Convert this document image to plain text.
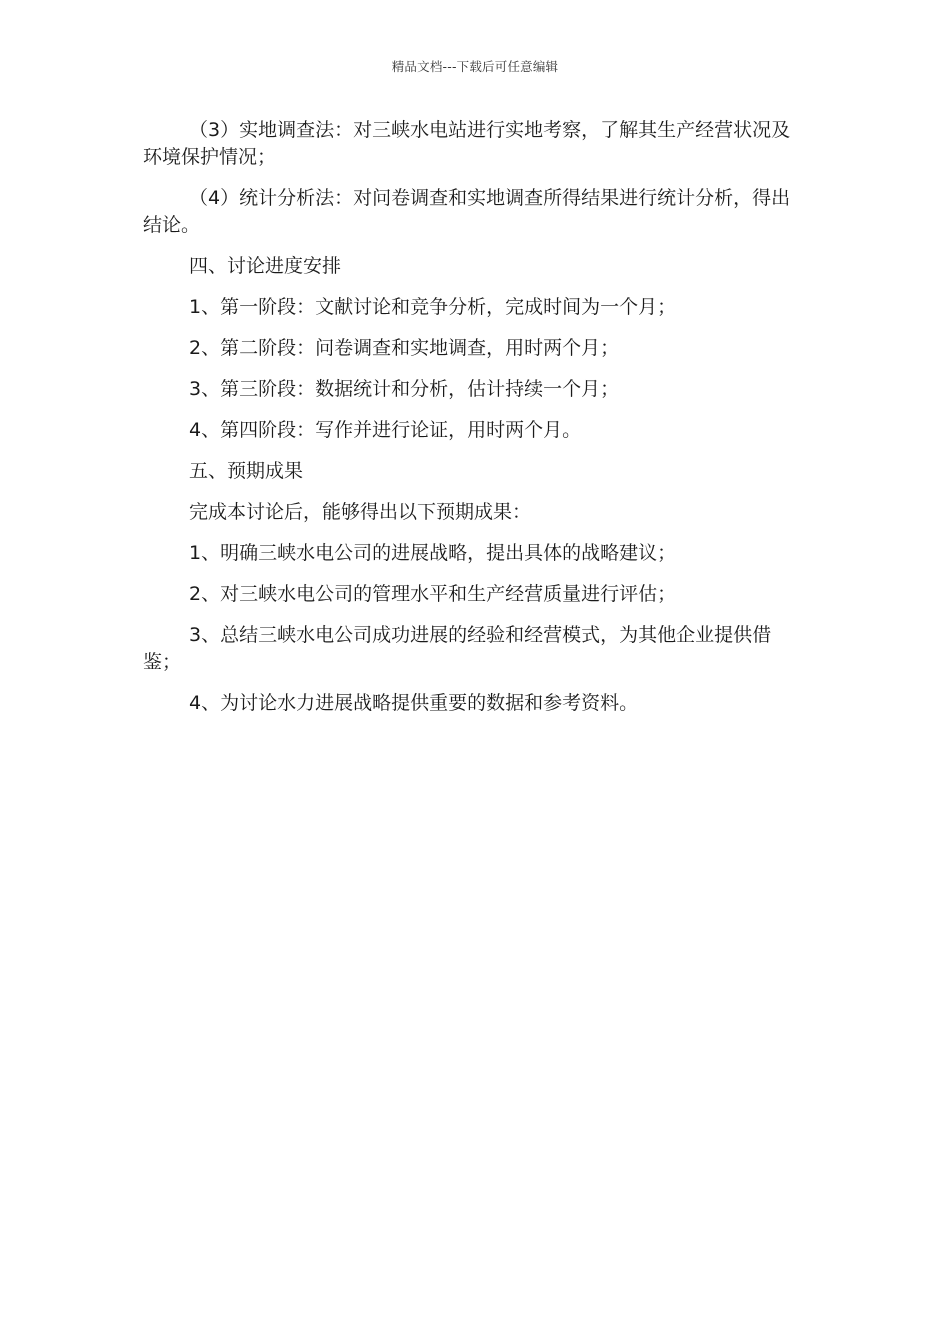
精品文档---下载后可任意编辑

（3）实地调查法：对三峡水电站进行实地考察，了解其生产经营状况及环境保护情况；

（4）统计分析法：对问卷调查和实地调查所得结果进行统计分析，得出结论。

四、讨论进度安排

1、第一阶段：文献讨论和竞争分析，完成时间为一个月；

2、第二阶段：问卷调查和实地调查，用时两个月；

3、第三阶段：数据统计和分析，估计持续一个月；

4、第四阶段：写作并进行论证，用时两个月。

五、预期成果

完成本讨论后，能够得出以下预期成果：

1、明确三峡水电公司的进展战略，提出具体的战略建议；

2、对三峡水电公司的管理水平和生产经营质量进行评估；

3、总结三峡水电公司成功进展的经验和经营模式，为其他企业提供借鉴；

4、为讨论水力进展战略提供重要的数据和参考资料。
